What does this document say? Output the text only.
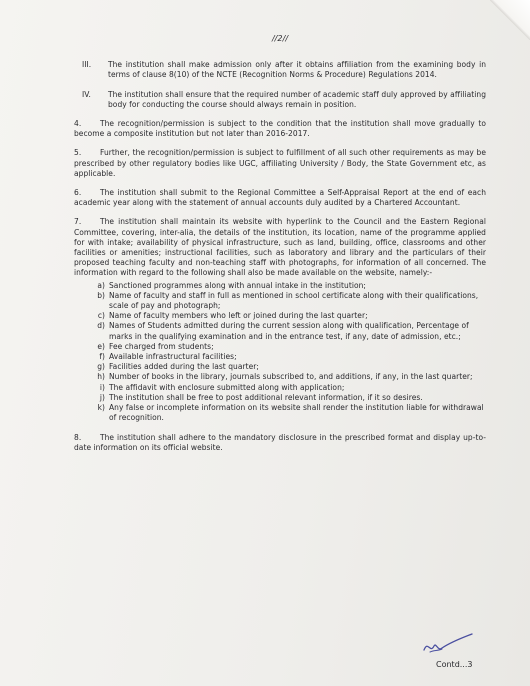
//2//
III.	The institution shall make admission only after it obtains affiliation from the examining body in terms of clause 8(10) of the NCTE (Recognition Norms & Procedure) Regulations 2014.
IV.	The institution shall ensure that the required number of academic staff duly approved by affiliating body for conducting the course should always remain in position.
4. The recognition/permission is subject to the condition that the institution shall move gradually to become a composite institution but not later than 2016-2017.
5. Further, the recognition/permission is subject to fulfillment of all such other requirements as may be prescribed by other regulatory bodies like UGC, affiliating University / Body, the State Government etc, as applicable.
6. The institution shall submit to the Regional Committee a Self-Appraisal Report at the end of each academic year along with the statement of annual accounts duly audited by a Chartered Accountant.
7. The institution shall maintain its website with hyperlink to the Council and the Eastern Regional Committee, covering, inter-alia, the details of the institution, its location, name of the programme applied for with intake; availability of physical infrastructure, such as land, building, office, classrooms and other facilities or amenities; instructional facilities, such as laboratory and library and the particulars of their proposed teaching faculty and non-teaching staff with photographs, for information of all concerned. The information with regard to the following shall also be made available on the website, namely:-
a) Sanctioned programmes along with annual intake in the institution;
b) Name of faculty and staff in full as mentioned in school certificate along with their qualifications, scale of pay and photograph;
c) Name of faculty members who left or joined during the last quarter;
d) Names of Students admitted during the current session along with qualification, Percentage of marks in the qualifying examination and in the entrance test, if any, date of admission, etc.;
e) Fee charged from students;
f) Available infrastructural facilities;
g) Facilities added during the last quarter;
h) Number of books in the library, journals subscribed to, and additions, if any, in the last quarter;
i) The affidavit with enclosure submitted along with application;
j) The institution shall be free to post additional relevant information, if it so desires.
k) Any false or incomplete information on its website shall render the institution liable for withdrawal of recognition.
8. The institution shall adhere to the mandatory disclosure in the prescribed format and display up-to-date information on its official website.
Contd...3
